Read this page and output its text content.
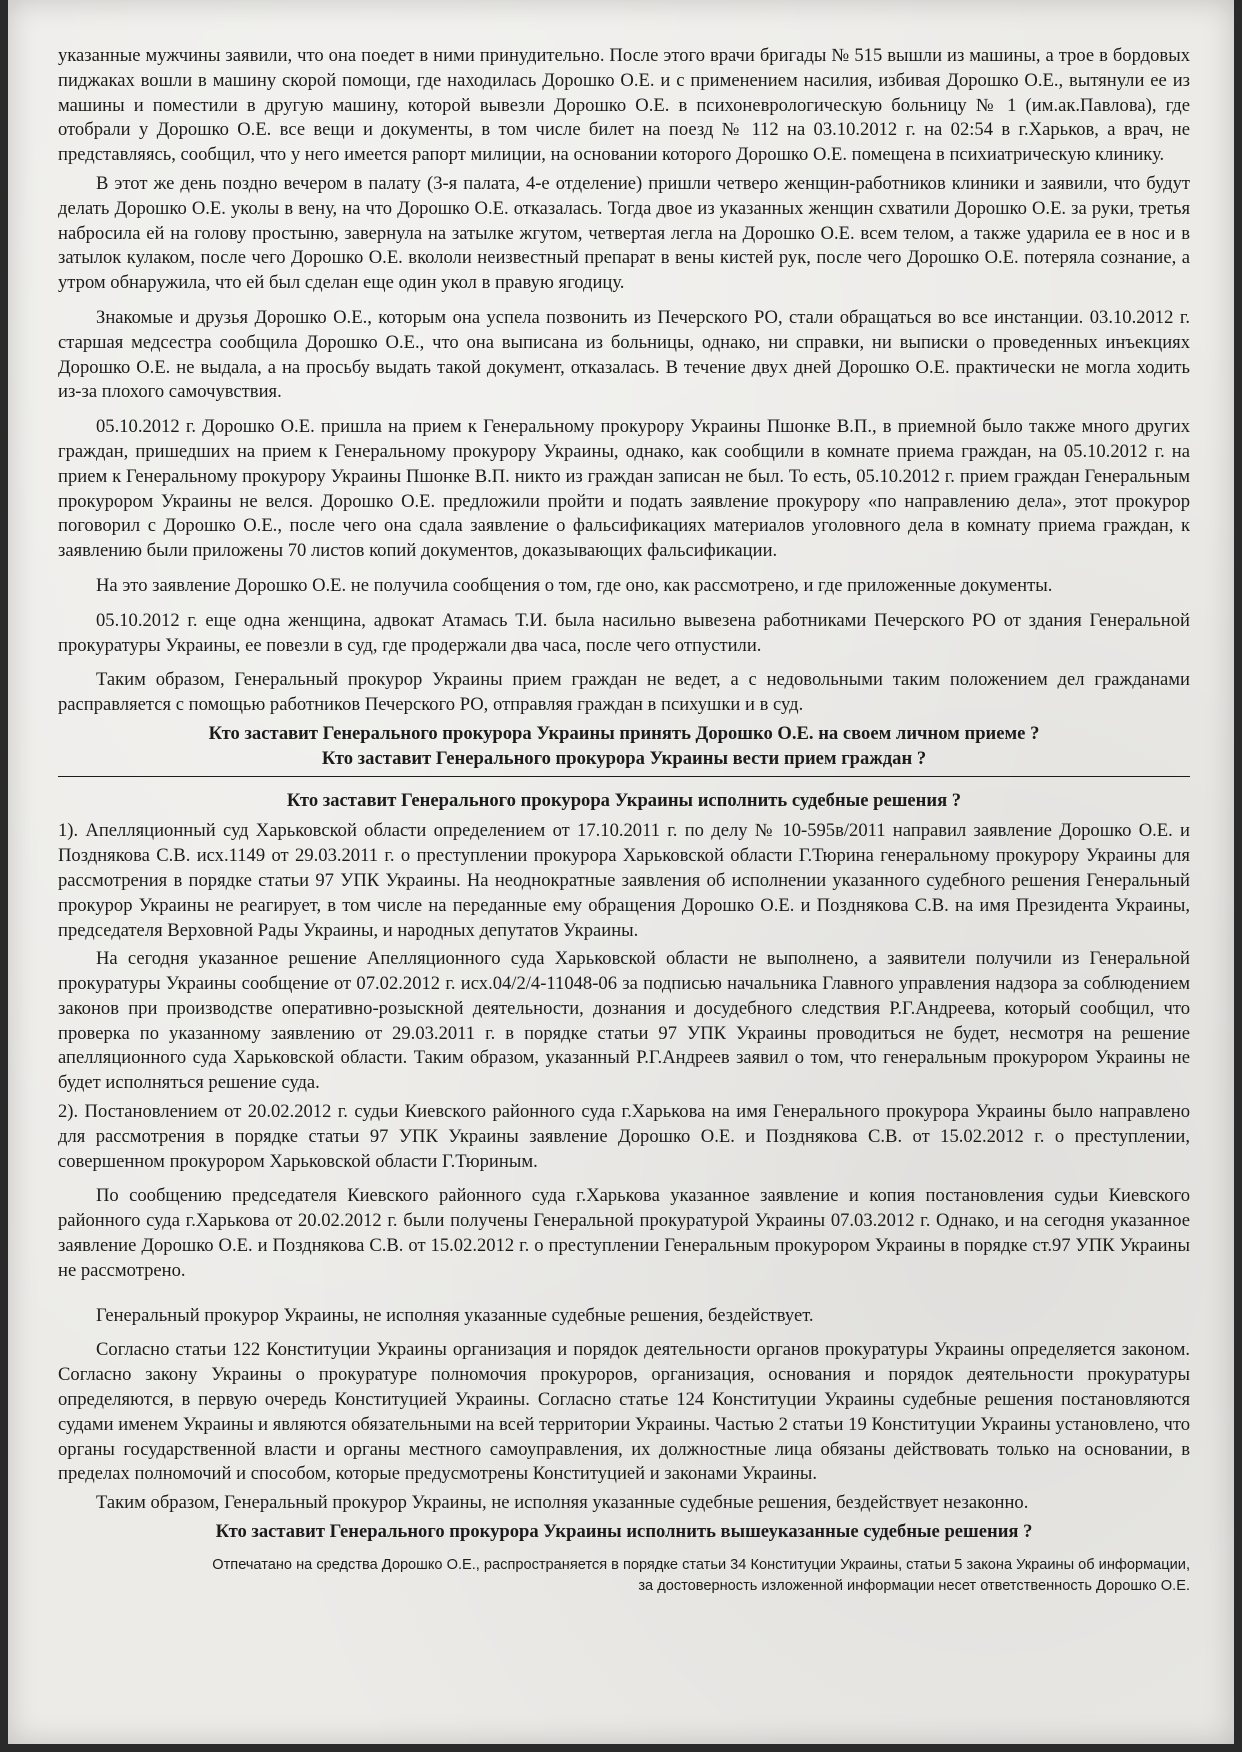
указанные мужчины заявили, что она поедет в ними принудительно. После этого врачи бригады № 515 вышли из машины, а трое в бордовых пиджаках вошли в машину скорой помощи, где находилась Дорошко О.Е. и с применением насилия, избивая Дорошко О.Е., вытянули ее из машины и поместили в другую машину, которой вывезли Дорошко О.Е. в психоневрологическую больницу № 1 (им.ак.Павлова), где отобрали у Дорошко О.Е. все вещи и документы, в том числе билет на поезд № 112 на 03.10.2012 г. на 02:54 в г.Харьков, а врач, не представляясь, сообщил, что у него имеется рапорт милиции, на основании которого Дорошко О.Е. помещена в психиатрическую клинику.

В этот же день поздно вечером в палату (3-я палата, 4-е отделение) пришли четверо женщин-работников клиники и заявили, что будут делать Дорошко О.Е. уколы в вену, на что Дорошко О.Е. отказалась. Тогда двое из указанных женщин схватили Дорошко О.Е. за руки, третья набросила ей на голову простыню, завернула на затылке жгутом, четвертая легла на Дорошко О.Е. всем телом, а также ударила ее в нос и в затылок кулаком, после чего Дорошко О.Е. вкололи неизвестный препарат в вены кистей рук, после чего Дорошко О.Е. потеряла сознание, а утром обнаружила, что ей был сделан еще один укол в правую ягодицу.

Знакомые и друзья Дорошко О.Е., которым она успела позвонить из Печерского РО, стали обращаться во все инстанции. 03.10.2012 г. старшая медсестра сообщила Дорошко О.Е., что она выписана из больницы, однако, ни справки, ни выписки о проведенных инъекциях Дорошко О.Е. не выдала, а на просьбу выдать такой документ, отказалась. В течение двух дней Дорошко О.Е. практически не могла ходить из-за плохого самочувствия.

05.10.2012 г. Дорошко О.Е. пришла на прием к Генеральному прокурору Украины Пшонке В.П., в приемной было также много других граждан, пришедших на прием к Генеральному прокурору Украины, однако, как сообщили в комнате приема граждан, на 05.10.2012 г. на прием к Генеральному прокурору Украины Пшонке В.П. никто из граждан записан не был. То есть, 05.10.2012 г. прием граждан Генеральным прокурором Украины не велся. Дорошко О.Е. предложили пройти и подать заявление прокурору «по направлению дела», этот прокурор поговорил с Дорошко О.Е., после чего она сдала заявление о фальсификациях материалов уголовного дела в комнату приема граждан, к заявлению были приложены 70 листов копий документов, доказывающих фальсификации.

На это заявление Дорошко О.Е. не получила сообщения о том, где оно, как рассмотрено, и где приложенные документы.

05.10.2012 г. еще одна женщина, адвокат Атамась Т.И. была насильно вывезена работниками Печерского РО от здания Генеральной прокуратуры Украины, ее повезли в суд, где продержали два часа, после чего отпустили.

Таким образом, Генеральный прокурор Украины прием граждан не ведет, а с недовольными таким положением дел гражданами расправляется с помощью работников Печерского РО, отправляя граждан в психушки и в суд.

Кто заставит Генерального прокурора Украины принять Дорошко О.Е. на своем личном приеме ?

Кто заставит Генерального прокурора Украины вести прием граждан ?

Кто заставит Генерального прокурора Украины исполнить судебные решения ?

1). Апелляционный суд Харьковской области определением от 17.10.2011 г. по делу № 10-595в/2011 направил заявление Дорошко О.Е. и Позднякова С.В. исх.1149 от 29.03.2011 г. о преступлении прокурора Харьковской области Г.Тюрина генеральному прокурору Украины для рассмотрения в порядке статьи 97 УПК Украины. На неоднократные заявления об исполнении указанного судебного решения Генеральный прокурор Украины не реагирует, в том числе на переданные ему обращения Дорошко О.Е. и Позднякова С.В. на имя Президента Украины, председателя Верховной Рады Украины, и народных депутатов Украины.

На сегодня указанное решение Апелляционного суда Харьковской области не выполнено, а заявители получили из Генеральной прокуратуры Украины сообщение от 07.02.2012 г. исх.04/2/4-11048-06 за подписью начальника Главного управления надзора за соблюдением законов при производстве оперативно-розыскной деятельности, дознания и досудебного следствия Р.Г.Андреева, который сообщил, что проверка по указанному заявлению от 29.03.2011 г. в порядке статьи 97 УПК Украины проводиться не будет, несмотря на решение апелляционного суда Харьковской области. Таким образом, указанный Р.Г.Андреев заявил о том, что генеральным прокурором Украины не будет исполняться решение суда.

2). Постановлением от 20.02.2012 г. судьи Киевского районного суда г.Харькова на имя Генерального прокурора Украины было направлено для рассмотрения в порядке статьи 97 УПК Украины заявление Дорошко О.Е. и Позднякова С.В. от 15.02.2012 г. о преступлении, совершенном прокурором Харьковской области Г.Тюриным.

По сообщению председателя Киевского районного суда г.Харькова указанное заявление и копия постановления судьи Киевского районного суда г.Харькова от 20.02.2012 г. были получены Генеральной прокуратурой Украины 07.03.2012 г. Однако, и на сегодня указанное заявление Дорошко О.Е. и Позднякова С.В. от 15.02.2012 г. о преступлении Генеральным прокурором Украины в порядке ст.97 УПК Украины не рассмотрено.

Генеральный прокурор Украины, не исполняя указанные судебные решения, бездействует.

Согласно статьи 122 Конституции Украины организация и порядок деятельности органов прокуратуры Украины определяется законом. Согласно закону Украины о прокуратуре полномочия прокуроров, организация, основания и порядок деятельности прокуратуры определяются, в первую очередь Конституцией Украины. Согласно статье 124 Конституции Украины судебные решения постановляются судами именем Украины и являются обязательными на всей территории Украины. Частью 2 статьи 19 Конституции Украины установлено, что органы государственной власти и органы местного самоуправления, их должностные лица обязаны действовать только на основании, в пределах полномочий и способом, которые предусмотрены Конституцией и законами Украины.

Таким образом, Генеральный прокурор Украины, не исполняя указанные судебные решения, бездействует незаконно.

Кто заставит Генерального прокурора Украины исполнить вышеуказанные судебные решения ?

Отпечатано на средства Дорошко О.Е., распространяется в порядке статьи 34 Конституции Украины, статьи 5 закона Украины об информации,
за достоверность изложенной информации несет ответственность Дорошко О.Е.
